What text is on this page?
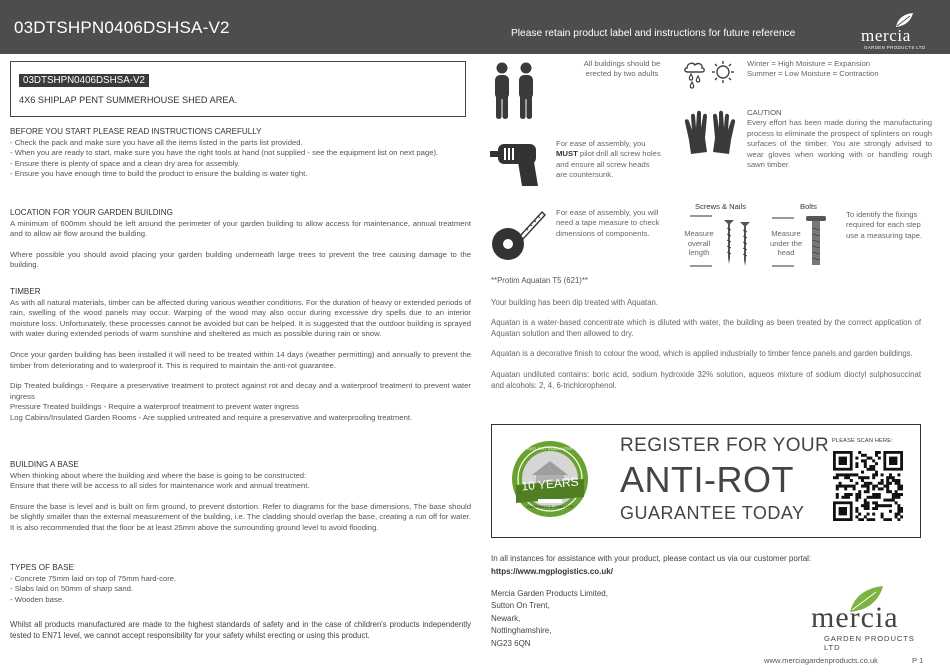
03DTSHPN0406DSHSA-V2	Please retain product label and instructions for future reference	mercia
GARDEN PRODUCTS LTD
03DTSHPN0406DSHSA-V2
4X6 SHIPLAP PENT SUMMERHOUSE SHED AREA.

BEFORE YOU START PLEASE READ INSTRUCTIONS CAREFULLY

- Check the pack and make sure you have all the items listed in the parts list provided.

- When you are ready to start, make sure you have the right tools at hand (not supplied - see the equipment list on next page).

- Ensure there is plenty of space and a clean dry area for assembly.

- Ensure you have enough time to build the product to ensure the building is water tight.

LOCATION FOR YOUR GARDEN BUILDING

A minimum of 600mm should be left around the perimeter of your garden building to allow access for maintenance, annual treatment and to allow air flow around the building.

Where possible you should avoid placing your garden building underneath large trees to prevent the tree causing damage to the building.

TIMBER

As with all natural materials, timber can be affected during various weather conditions. For the duration of heavy or extended periods of rain, swelling of the wood panels may occur. Warping of the wood may also occur during excessive dry spells due to an interior moisture loss. Unfortunately, these processes cannot be avoided but can be helped. It is suggested that the outdoor building is sprayed with water during extended periods of warm sunshine and sheltered as much as possible during rain or snow.

Once your garden building has been installed it will need to be treated within 14 days (weather permitting) and annually to prevent the timber from deteriorating and to waterproof it. This is required to maintain the anti-rot guarantee.

Dip Treated buildings - Require a preservative treatment to protect against rot and decay and a waterproof treatment to prevent water ingress

Pressure Treated buildings - Require a waterproof treatment to prevent water ingress

Log Cabins/Insulated Garden Rooms - Are supplied untreated and require a preservative and waterproofing treatment.

BUILDING A BASE

When thinking about where the building and where the base is going to be constructed:

Ensure that there will be access to all sides for maintenance work and annual treatment.

Ensure the base is level and is built on firm ground, to prevent distortion. Refer to diagrams for the base dimensions, The base should be slightly smaller than the external measurement of the building, i.e. The cladding should overlap the base, creating a run off for water. It is also recommended that the floor be at least 25mm above the surrounding ground level to avoid flooding.

TYPES OF BASE

- Concrete 75mm laid on top of 75mm hard-core.

- Slabs laid on 50mm of sharp sand.

- Wooden base.

Whilst all products manufactured are made to the highest standards of safety and in the case of children's products independently tested to EN71 level, we cannot accept responsibility for your safety whilst erecting or using this product.
All buildings should be erected by two adults

Winter = High Moisture = Expansion

Summer = Low Moisture = Contraction

For ease of assembly, you MUST pilot drill all screw holes and ensure all screw heads are countersunk.

CAUTION

Every effort has been made during the manufacturing process to eliminate the prospect of splinters on rough surfaces of the timber. You are strongly advised to wear gloves when working with or handling rough sawn timber.

For ease of assembly, you will need a tape measure to check dimensions of components.
Screws & Nails	Bolts
Measure
overall
length
Measure
under the
head
To identify the fixings required for each step use a measuring tape.

**Protim Aquatan T5 (621)**

Your building has been dip treated with Aquatan.

Aquatan is a water-based concentrate which is diluted with water, the building as been treated by the correct application of Aquatan solution and then allowed to dry.

Aquatan is a decorative finish to colour the wood, which is applied industrially to timber fence panels and garden buildings.

Aquatan undiluted contains: boric acid, sodium hydroxide 32% solution, aqueos mixture of sodium dioctyl sulphosuccinat and alcohols: 2, 4, 6-trichlorophenol.

10 YEARS
ANTI-ROT GUARANTEE
GUARANTEED LONG LIFE
REGISTER FOR YOUR
ANTI-ROT
GUARANTEE TODAY
PLEASE SCAN HERE:
In all instances for assistance with your product, please contact us via our customer portal: https://www.mgplogistics.co.uk/
Mercia Garden Products Limited,
Sutton On Trent,
Newark,
Nottinghamshire,
NG23 6QN
mercia
GARDEN PRODUCTS LTD
www.merciagardenproducts.co.uk	P 1
